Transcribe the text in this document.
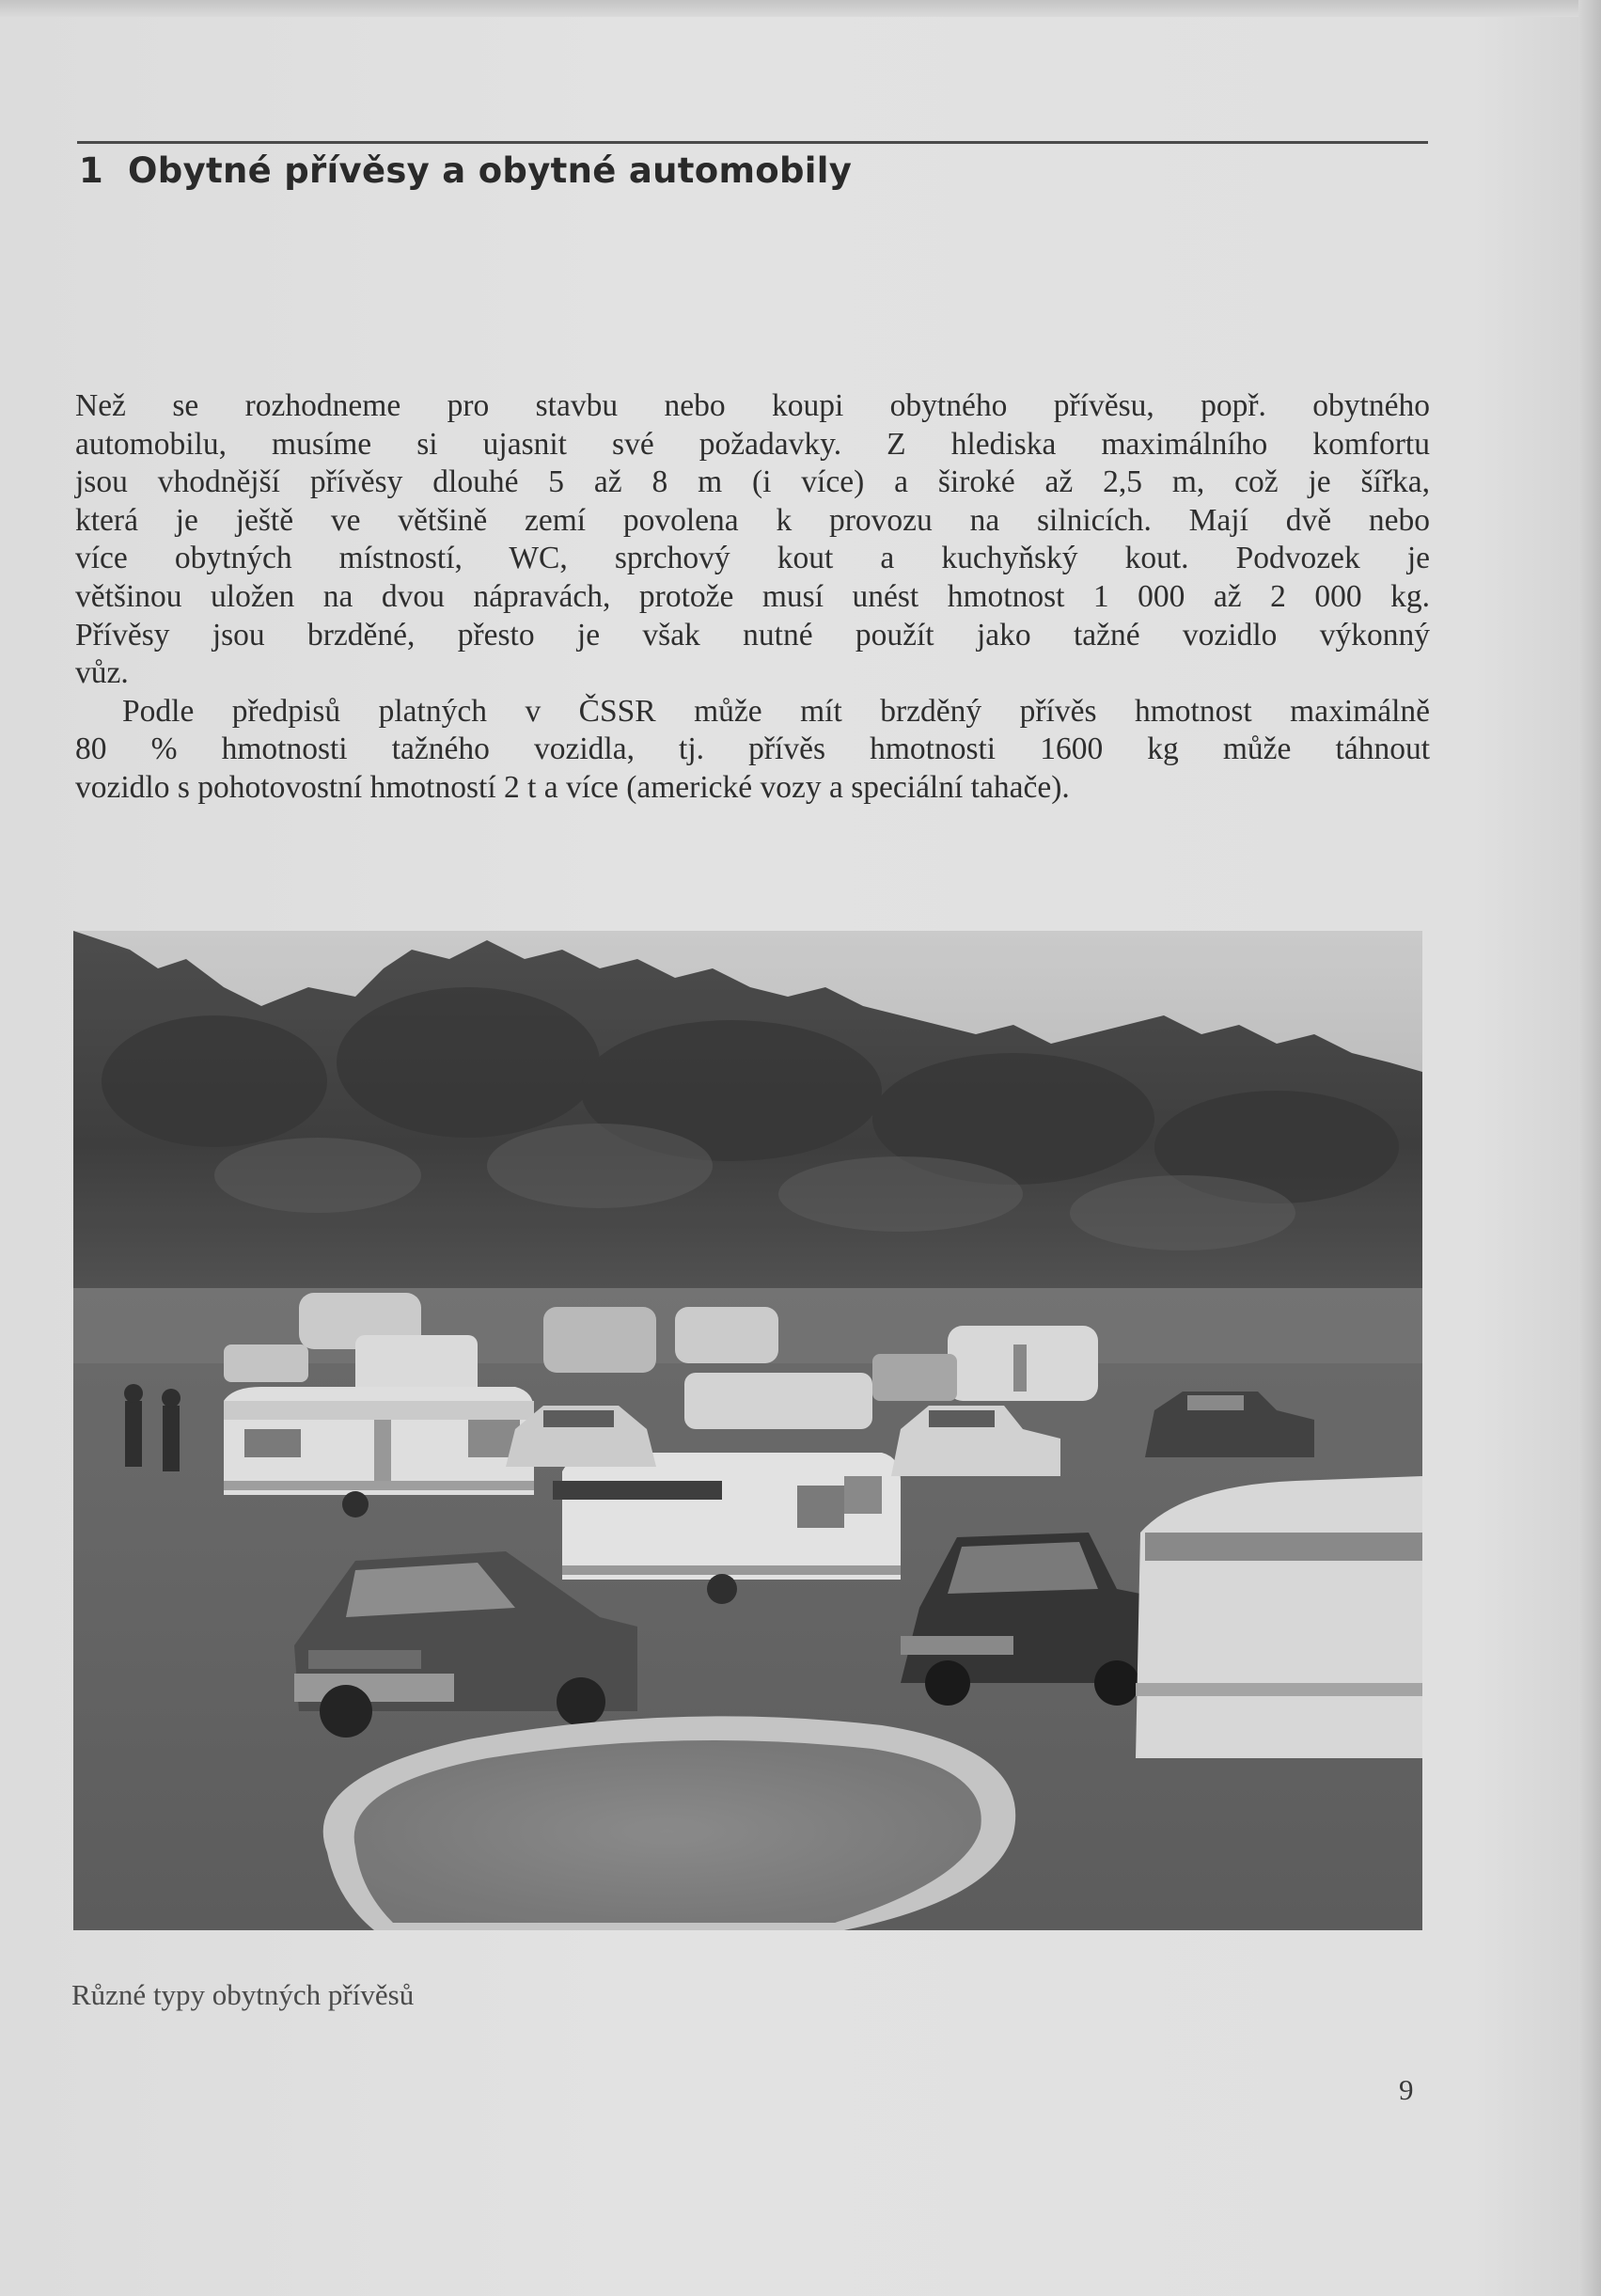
1 Obytné přívěsy a obytné automobily

Než se rozhodneme pro stavbu nebo koupi obytného přívěsu, popř. obytného

automobilu, musíme si ujasnit své požadavky. Z hlediska maximálního komfortu

jsou vhodnější přívěsy dlouhé 5 až 8 m (i více) a široké až 2,5 m, což je šířka,

která je ještě ve většině zemí povolena k provozu na silnicích. Mají dvě nebo

více obytných místností, WC, sprchový kout a kuchyňský kout. Podvozek je

většinou uložen na dvou nápravách, protože musí unést hmotnost 1 000 až 2 000 kg.

Přívěsy jsou brzděné, přesto je však nutné použít jako tažné vozidlo výkonný

vůz.

Podle předpisů platných v ČSSR může mít brzděný přívěs hmotnost maximálně

80 % hmotnosti tažného vozidla, tj. přívěs hmotnosti 1600 kg může táhnout

vozidlo s pohotovostní hmotností 2 t a více (americké vozy a speciální tahače).

Různé typy obytných přívěsů
9
